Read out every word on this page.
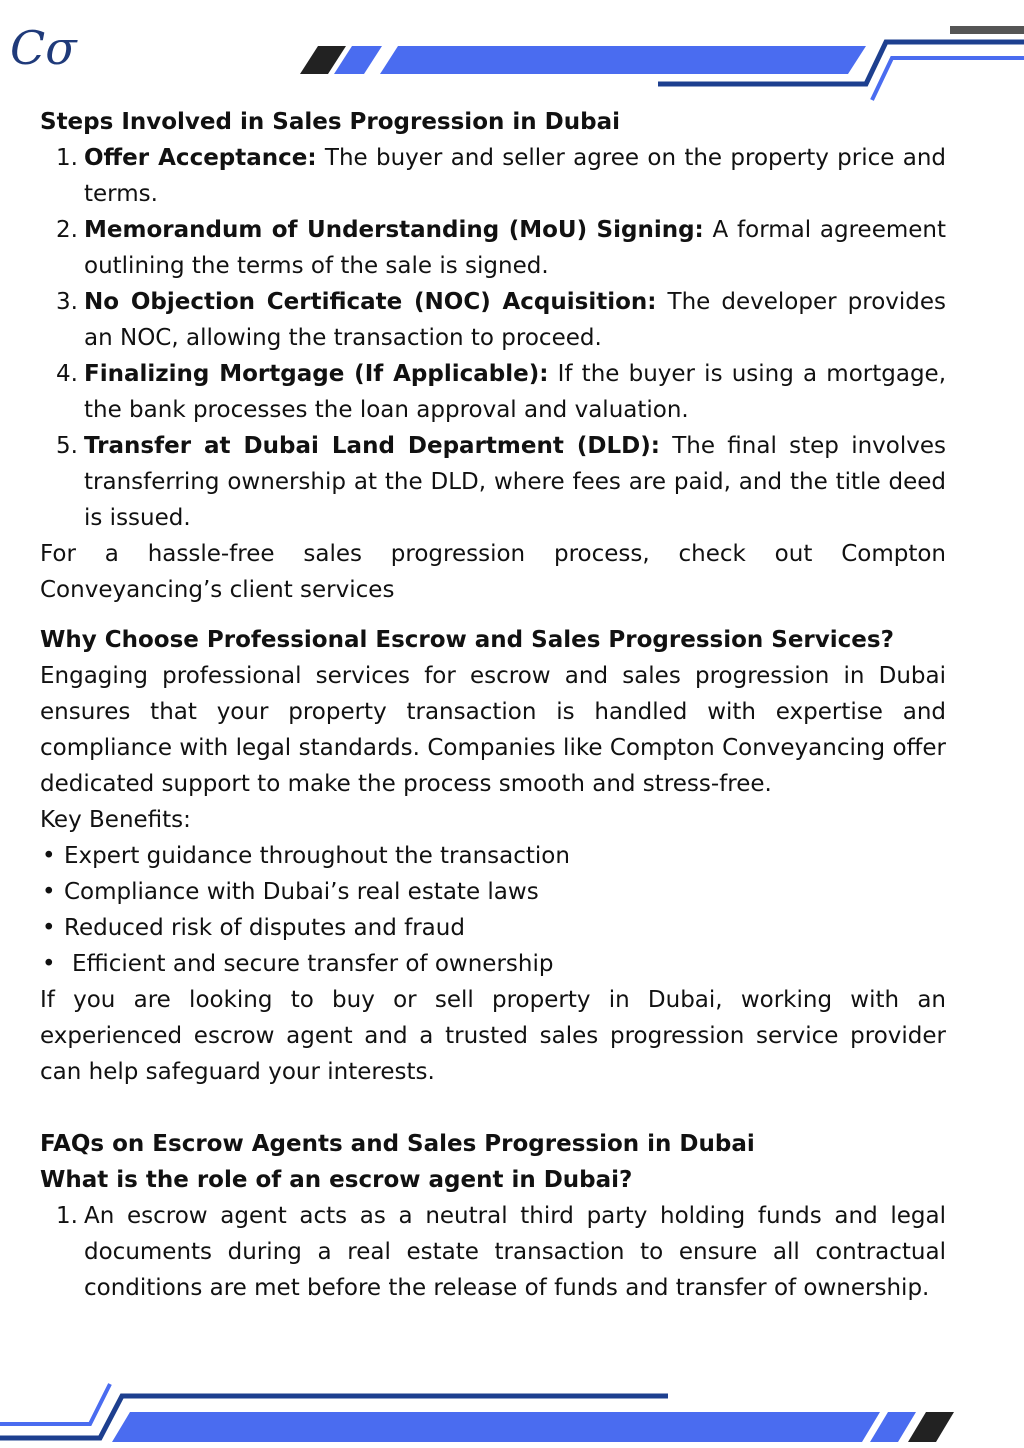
Cσ

Steps Involved in Sales Progression in Dubai

1. Offer Acceptance: The buyer and seller agree on the property price and terms.
2. Memorandum of Understanding (MoU) Signing: A formal agreement outlining the terms of the sale is signed.
3. No Objection Certificate (NOC) Acquisition: The developer provides an NOC, allowing the transaction to proceed.
4. Finalizing Mortgage (If Applicable): If the buyer is using a mortgage, the bank processes the loan approval and valuation.
5. Transfer at Dubai Land Department (DLD): The final step involves transferring ownership at the DLD, where fees are paid, and the title deed is issued.

For a hassle-free sales progression process, check out Compton Conveyancing’s client services

Why Choose Professional Escrow and Sales Progression Services?

Engaging professional services for escrow and sales progression in Dubai ensures that your property transaction is handled with expertise and compliance with legal standards. Companies like Compton Conveyancing offer dedicated support to make the process smooth and stress-free.

Key Benefits:

• Expert guidance throughout the transaction
• Compliance with Dubai’s real estate laws
• Reduced risk of disputes and fraud
• Efficient and secure transfer of ownership

If you are looking to buy or sell property in Dubai, working with an experienced escrow agent and a trusted sales progression service provider can help safeguard your interests.

FAQs on Escrow Agents and Sales Progression in Dubai

What is the role of an escrow agent in Dubai?

1. An escrow agent acts as a neutral third party holding funds and legal documents during a real estate transaction to ensure all contractual conditions are met before the release of funds and transfer of ownership.
